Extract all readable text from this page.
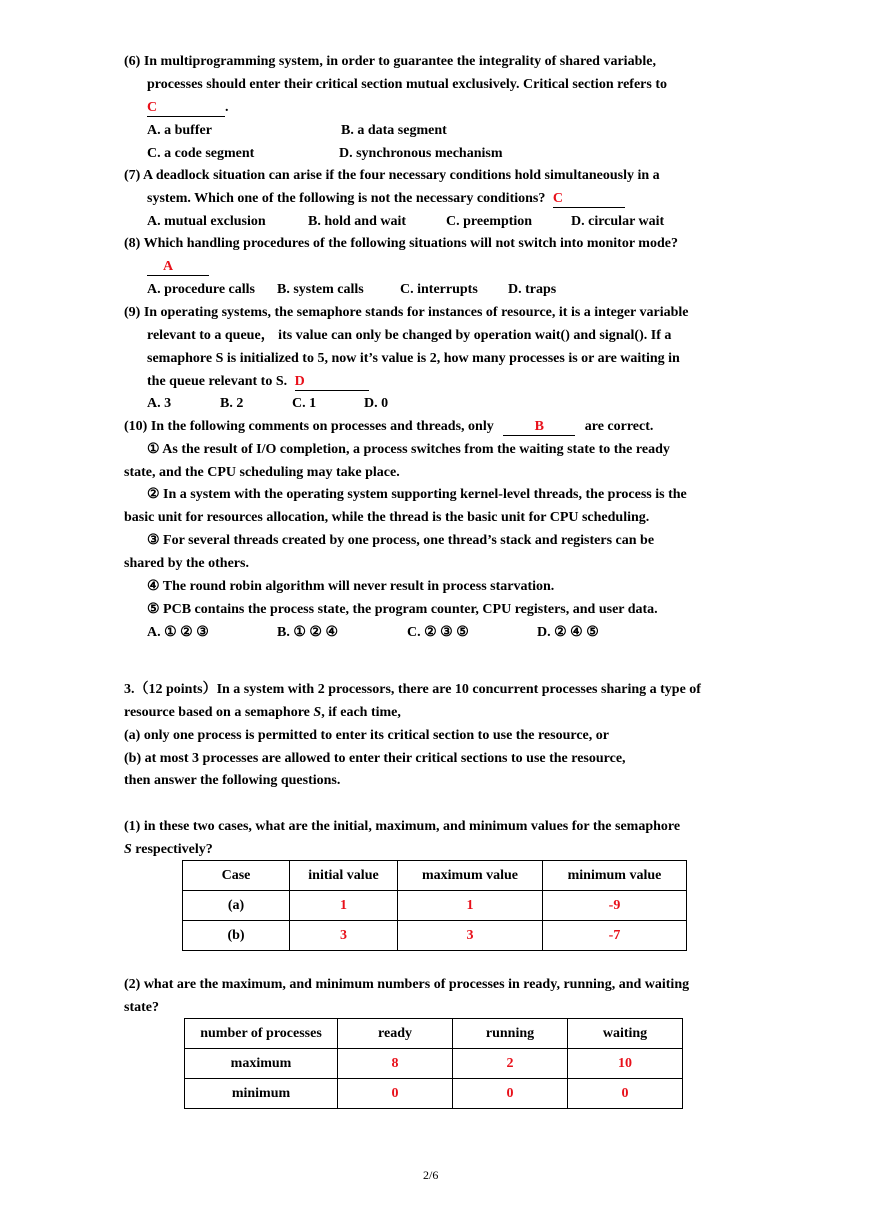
(6) In multiprogramming system, in order to guarantee the integrality of shared variable,
processes should enter their critical section mutual exclusively. Critical section refers to
C	.
A. a buffer	B. a data segment
C. a code segment	D. synchronous mechanism
(7) A deadlock situation can arise if the four necessary conditions hold simultaneously in a
system. Which one of the following is not the necessary conditions? C
A. mutual exclusion	B. hold and wait	C. preemption	D. circular wait
(8) Which handling procedures of the following situations will not switch into monitor mode?
A
A. procedure calls B. system calls	C. interrupts D. traps
(9) In operating systems, the semaphore stands for instances of resource, it is a integer variable
relevant to a queue， its value can only be changed by operation wait() and signal(). If a
semaphore S is initialized to 5, now it’s value is 2, how many processes is or are waiting in
the queue relevant to S. D
A. 3	B. 2	C. 1	D. 0
(10) In the following comments on processes and threads, only	B	are correct.
① As the result of I/O completion, a process switches from the waiting state to the ready
state, and the CPU scheduling may take place.
② In a system with the operating system supporting kernel-level threads, the process is the
basic unit for resources allocation, while the thread is the basic unit for CPU scheduling.
③ For several threads created by one process, one thread’s stack and registers can be
shared by the others.
④ The round robin algorithm will never result in process starvation.
⑤ PCB contains the process state, the program counter, CPU registers, and user data.
A. ① ② ③	B. ① ② ④	C. ② ③ ⑤	D. ② ④ ⑤
3.（12 points）In a system with 2 processors, there are 10 concurrent processes sharing a type of
resource based on a semaphore S, if each time,
(a) only one process is permitted to enter its critical section to use the resource, or
(b) at most 3 processes are allowed to enter their critical sections to use the resource,
then answer the following questions.
(1) in these two cases, what are the initial, maximum, and minimum values for the semaphore
S respectively?
Case	initial value	maximum value	minimum value
(a)	1	1	-9
(b)	3	3	-7
(2) what are the maximum, and minimum numbers of processes in ready, running, and waiting
state?
number of processes	ready	running	waiting
maximum	8	2	10
minimum	0	0	0
2/6
